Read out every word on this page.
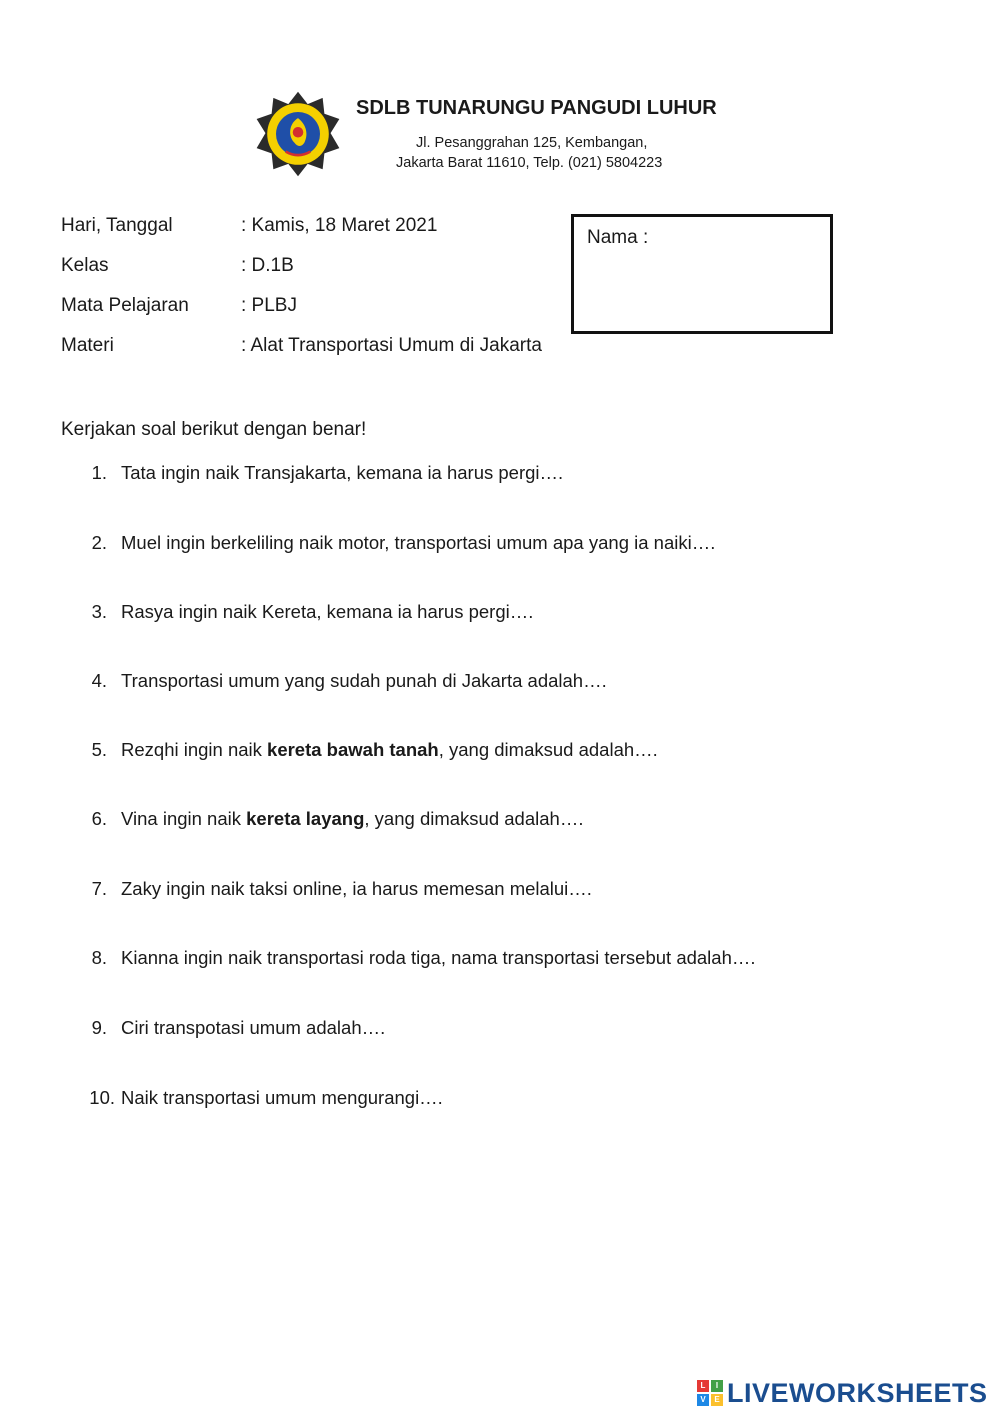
SDLB TUNARUNGU PANGUDI LUHUR
Jl. Pesanggrahan 125, Kembangan,
Jakarta Barat 11610, Telp. (021) 5804223
Hari, Tanggal	: Kamis, 18 Maret 2021
Kelas	: D.1B
Mata Pelajaran	: PLBJ
Materi	: Alat Transportasi Umum di Jakarta
Nama :
Kerjakan soal berikut dengan benar!
1. Tata ingin naik Transjakarta, kemana ia harus pergi….
2. Muel ingin berkeliling naik motor, transportasi umum apa yang ia naiki….
3. Rasya ingin naik Kereta, kemana ia harus pergi….
4. Transportasi umum yang sudah punah di Jakarta adalah….
5. Rezqhi ingin naik kereta bawah tanah, yang dimaksud adalah….
6. Vina ingin naik kereta layang, yang dimaksud adalah….
7. Zaky ingin naik taksi online, ia harus memesan melalui….
8. Kianna ingin naik transportasi roda tiga, nama transportasi tersebut adalah….
9. Ciri transpotasi umum adalah….
10. Naik transportasi umum mengurangi….
L	I
V	E LIVEWORKSHEETS
